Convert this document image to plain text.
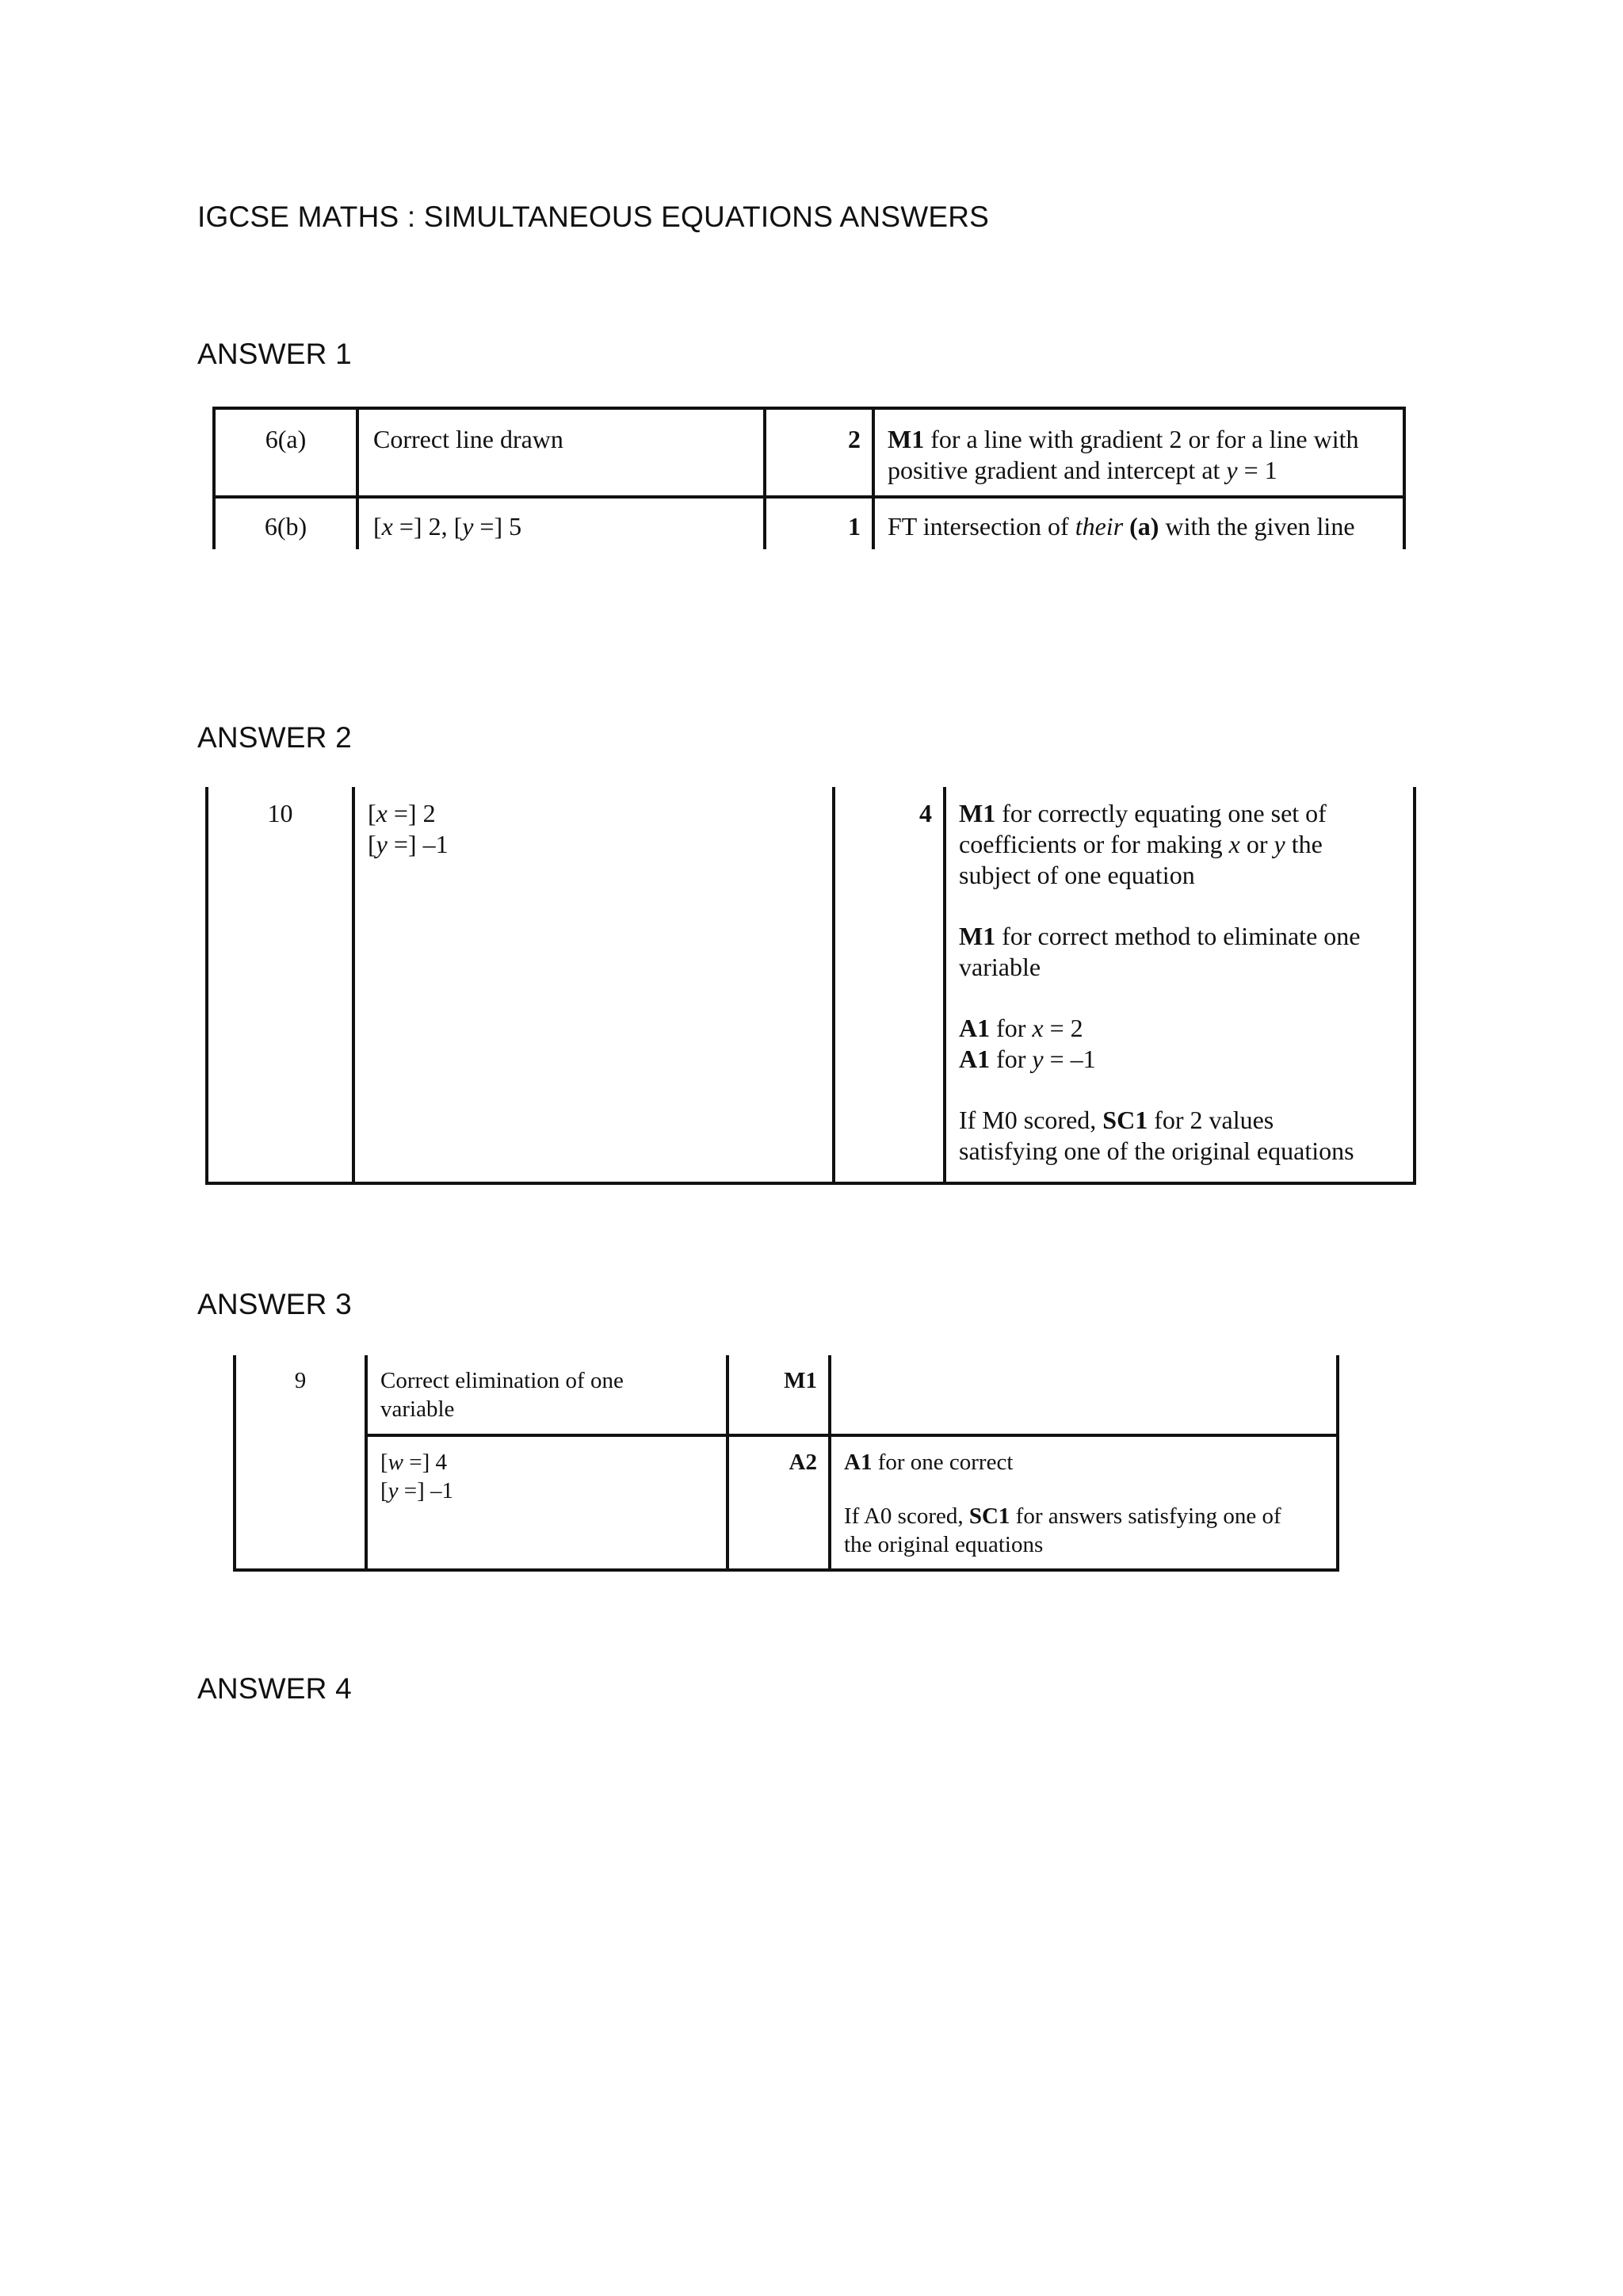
IGCSE MATHS : SIMULTANEOUS EQUATIONS ANSWERS
ANSWER 1
6(a)	Correct line drawn	2	M1 for a line with gradient 2 or for a line with
positive gradient and intercept at y = 1

6(b)	[x =] 2, [y =] 5	1	FT intersection of their (a) with the given line
ANSWER 2
10	[x =] 2
[y =] –1
	4	M1 for correctly equating one set of
coefficients or for making x or y the
subject of one equation
M1 for correct method to eliminate one
variable
A1 for x = 2
A1 for y = –1
If M0 scored, SC1 for 2 values
satisfying one of the original equations
ANSWER 3
9	Correct elimination of one variable	M1	

	[w =] 4
[y =] –1	A2	A1 for one correct
If A0 scored, SC1 for answers satisfying one of
the original equations
ANSWER 4
